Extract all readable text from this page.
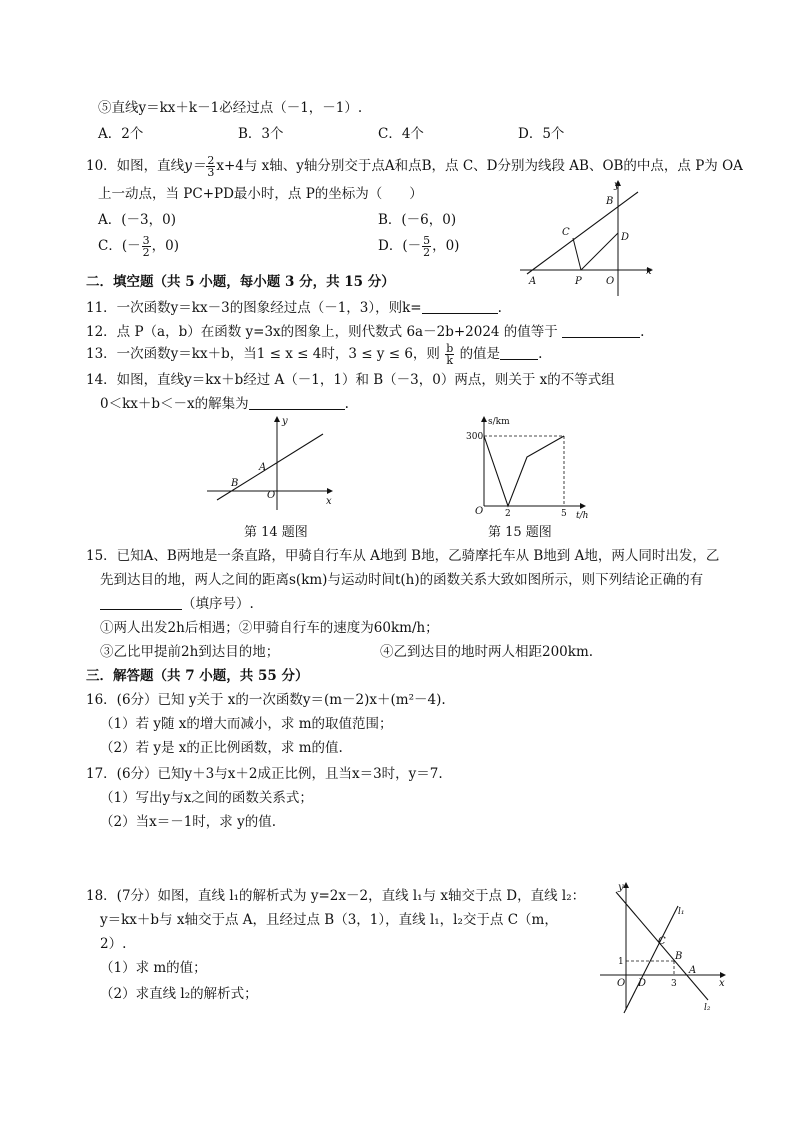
⑤直线y＝kx＋k－1必经过点（－1，－1）.
A．2个	B．3个	C．4个	D．5个
10．如图，直线$y= \frac{2}{3} x+4$与 x轴、y轴分别交于点A和点B，点 C、D分别为线段 AB、OB的中点，点 P为 OA
上一动点，当 PC+PD最小时，点 P的坐标为（　　）
A．(－3，0)	B．(－6，0)
C．(－ $\frac{3}{2}$ ，0)	D．(－ $\frac{5}{2}$ ，0)
y
x
B
C	D
A	P O
二．填空题（共 5 小题，每小题 3 分，共 15 分）
11．一次函数y＝kx－3的图象经过点（－1，3），则k=	.
12．点 P（a，b）在函数 y=3x的图象上，则代数式 6a－2b+2024 的值等于	.
13．一次函数y＝kx＋b，当1 ≤ x ≤ 4时，3 ≤ y ≤ 6，则 $\frac{b}{k}$ 的值是	.
14．如图，直线y＝kx＋b经过 A（－1，1）和 B（－3，0）两点，则关于 x的不等式组
0＜kx＋b＜－x的解集为	.
y
x
A
B
O
第 14 题图
s/km
t/h
300
O 2	5
第 15 题图
15．已知A、B两地是一条直路，甲骑自行车从 A地到 B地，乙骑摩托车从 B地到 A地，两人同时出发，乙
先到达目的地，两人之间的距离s(km)与运动时间t(h)的函数关系大致如图所示，则下列结论正确的有
（填序号）.
①两人出发2h后相遇；②甲骑自行车的速度为60km/h；
③乙比甲提前2h到达目的地；	④乙到达目的地时两人相距200km.
三．解答题（共 7 小题，共 55 分）
16．(6分）已知 y关于 x的一次函数y＝(m－2)x＋(m²－4).
（1）若 y随 x的增大而减小，求 m的取值范围；
（2）若 y是 x的正比例函数，求 m的值.
17．(6分）已知y＋3与x＋2成正比例，且当x＝3时，y＝7.
（1）写出y与x之间的函数关系式；
（2）当x＝－1时，求 y的值.
18．(7分）如图，直线 l₁的解析式为 y=2x－2，直线 l₁与 x轴交于点 D，直线 l₂：
y＝kx＋b与 x轴交于点 A，且经过点 B（3，1），直线 l₁，l₂交于点 C（m，
2）.
（1）求 m的值；
（2）求直线 l₂的解析式；
y
x
l₁
l₂
C
B
A
D
O
1
3
